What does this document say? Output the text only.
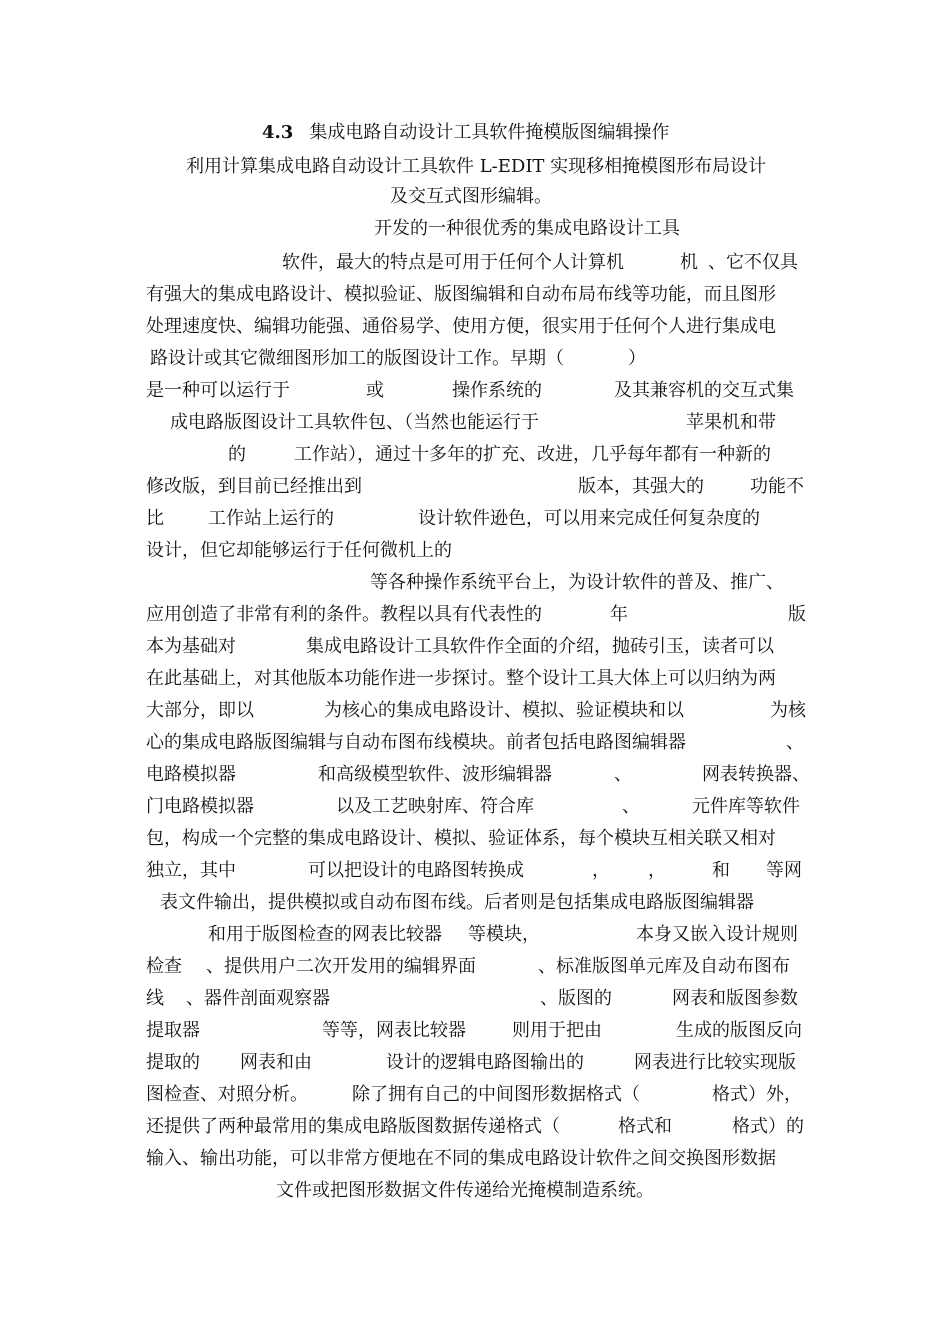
4.3 集成电路自动设计工具软件掩模版图编辑操作
利用计算集成电路自动设计工具软件 L-EDIT 实现移相掩模图形布局设计
及交互式图形编辑。
开发的一种很优秀的集成电路设计工具
软件，最大的特点是可用于任何个人计算机	机 、它不仅具
有强大的集成电路设计、模拟验证、版图编辑和自动布局布线等功能，而且图形
处理速度快、编辑功能强、通俗易学、使用方便，很实用于任何个人进行集成电
路设计或其它微细图形加工的版图设计工作。早期（	）
是一种可以运行于	或	操作系统的	及其兼容机的交互式集
成电路版图设计工具软件包、（当然也能运行于	苹果机和带
的	工作站），通过十多年的扩充、改进，几乎每年都有一种新的
修改版，到目前已经推出到	版本，其强大的	功能不
比 工作站上运行的	设计软件逊色，可以用来完成任何复杂度的
设计，但它却能够运行于任何微机上的
等各种操作系统平台上，为设计软件的普及、推广、
应用创造了非常有利的条件。教程以具有代表性的	年	版
本为基础对	集成电路设计工具软件作全面的介绍，抛砖引玉，读者可以
在此基础上，对其他版本功能作进一步探讨。整个设计工具大体上可以归纳为两
大部分，即以	为核心的集成电路设计、模拟、验证模块和以	为核
心的集成电路版图编辑与自动布图布线模块。前者包括电路图编辑器	、
电路模拟器	和高级模型软件、波形编辑器	、	网表转换器、
门电路模拟器	以及工艺映射库、符合库	、	元件库等软件
包，构成一个完整的集成电路设计、模拟、验证体系，每个模块互相关联又相对
独立，其中	可以把设计的电路图转换成	， ，	和 等网
表文件输出，提供模拟或自动布图布线。后者则是包括集成电路版图编辑器
和用于版图检查的网表比较器 等模块，	本身又嵌入设计规则
检查 、提供用户二次开发用的编辑界面	、标准版图单元库及自动布图布
线 、器件剖面观察器	、版图的	网表和版图参数
提取器	等等，网表比较器	则用于把由	生成的版图反向
提取的 网表和由	设计的逻辑电路图输出的	网表进行比较实现版
图检查、对照分析。 除了拥有自己的中间图形数据格式（	格式）外，
还提供了两种最常用的集成电路版图数据传递格式（	格式和	格式）的
输入、输出功能，可以非常方便地在不同的集成电路设计软件之间交换图形数据
文件或把图形数据文件传递给光掩模制造系统。
